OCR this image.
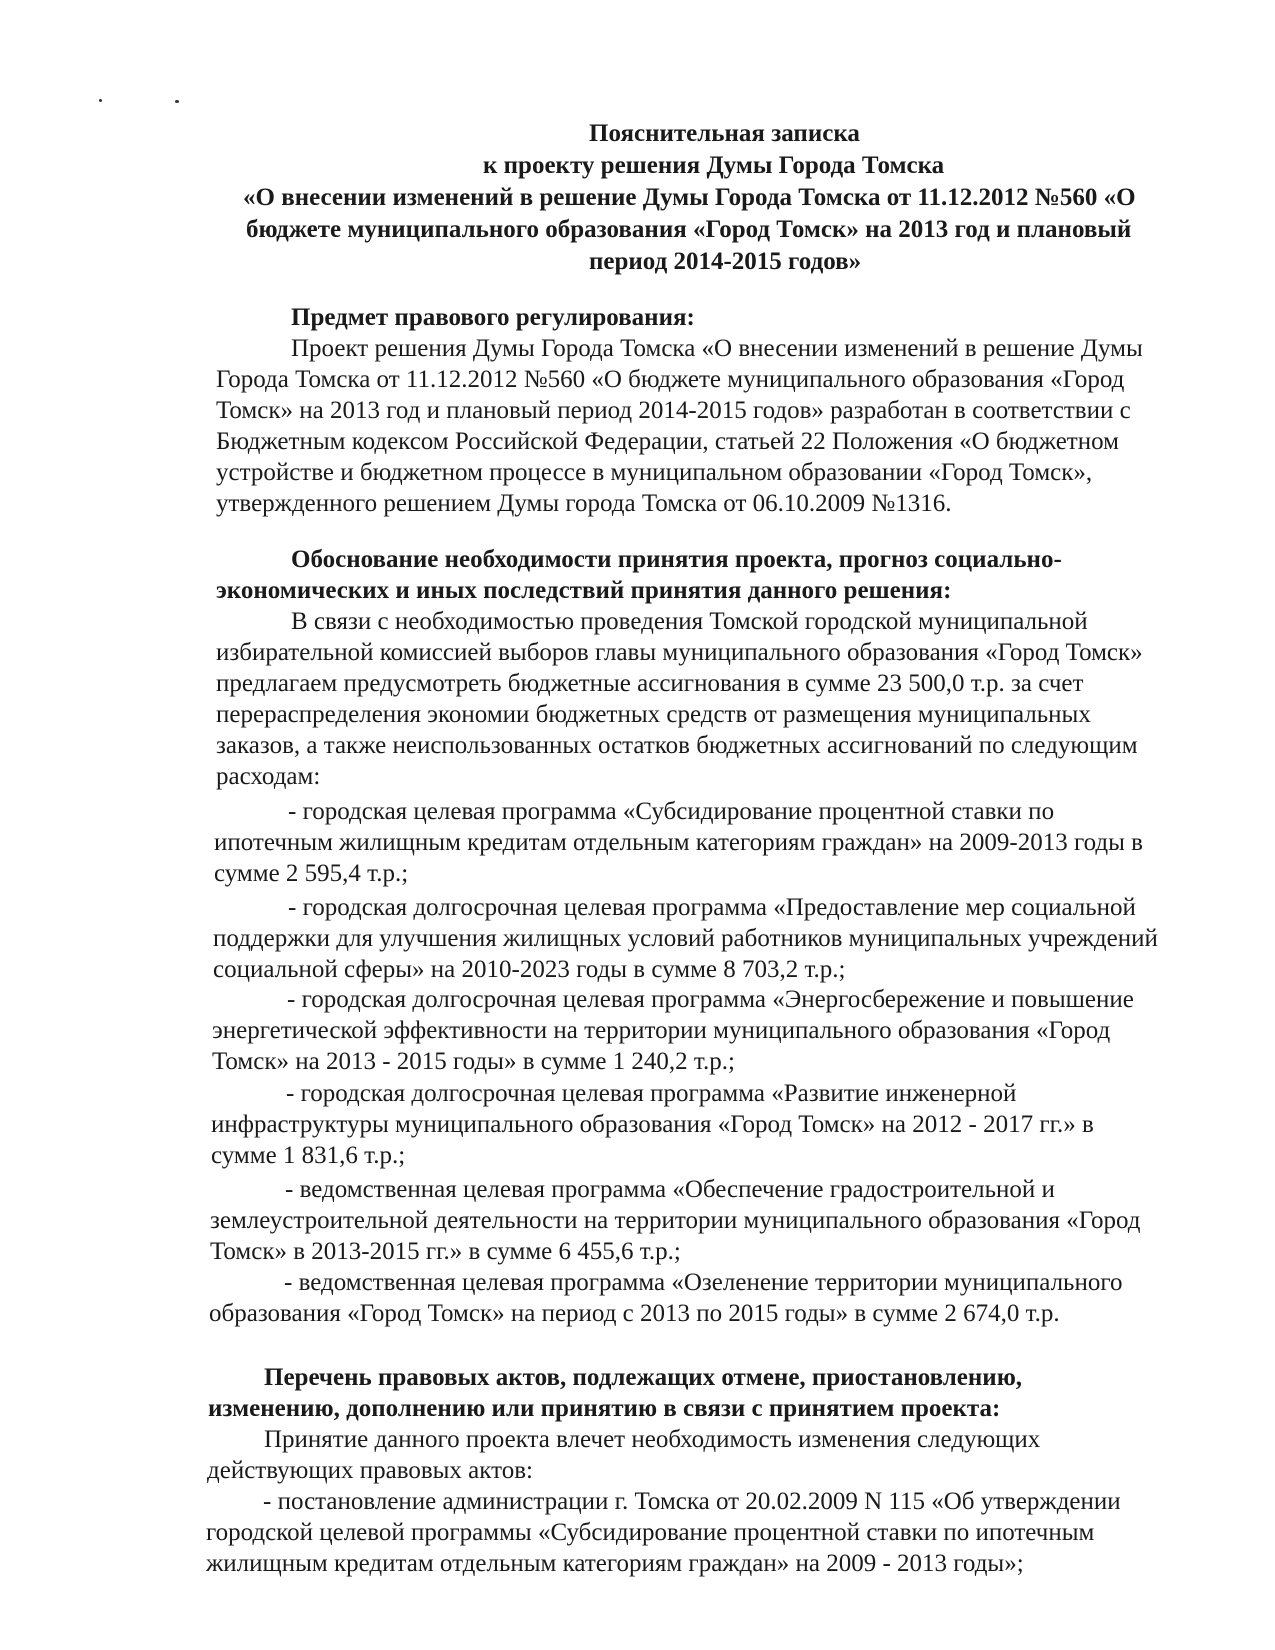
Пояснительная записка
к проекту решения Думы Города Томска
«О внесении изменений в решение Думы Города Томска от 11.12.2012 №560 «О
бюджете муниципального образования «Город Томск» на 2013 год и плановый
период 2014-2015 годов»
Предмет правового регулирования:
Проект решения Думы Города Томска «О внесении изменений в решение Думы
Города Томска от 11.12.2012 №560 «О бюджете муниципального образования «Город
Томск» на 2013 год и плановый период 2014-2015 годов» разработан в соответствии с
Бюджетным кодексом Российской Федерации, статьей 22 Положения «О бюджетном
устройстве и бюджетном процессе в муниципальном образовании «Город Томск»,
утвержденного решением Думы города Томска от 06.10.2009 №1316.
Обоснование необходимости принятия проекта, прогноз социально-
экономических и иных последствий принятия данного решения:
В связи с необходимостью проведения Томской городской муниципальной
избирательной комиссией выборов главы муниципального образования «Город Томск»
предлагаем предусмотреть бюджетные ассигнования в сумме 23 500,0 т.р. за счет
перераспределения экономии бюджетных средств от размещения муниципальных
заказов, а также неиспользованных остатков бюджетных ассигнований по следующим
расходам:
- городская целевая программа «Субсидирование процентной ставки по
ипотечным жилищным кредитам отдельным категориям граждан» на 2009-2013 годы в
сумме 2 595,4 т.р.;
- городская долгосрочная целевая программа «Предоставление мер социальной
поддержки для улучшения жилищных условий работников муниципальных учреждений
социальной сферы» на 2010-2023 годы в сумме 8 703,2 т.р.;
- городская долгосрочная целевая программа «Энергосбережение и повышение
энергетической эффективности на территории муниципального образования «Город
Томск» на 2013 - 2015 годы» в сумме 1 240,2 т.р.;
- городская долгосрочная целевая программа «Развитие инженерной
инфраструктуры муниципального образования «Город Томск» на 2012 - 2017 гг.» в
сумме 1 831,6 т.р.;
- ведомственная целевая программа «Обеспечение градостроительной и
землеустроительной деятельности на территории муниципального образования «Город
Томск» в 2013-2015 гг.» в сумме 6 455,6 т.р.;
- ведомственная целевая программа «Озеленение территории муниципального
образования «Город Томск» на период с 2013 по 2015 годы» в сумме 2 674,0 т.р.
Перечень правовых актов, подлежащих отмене, приостановлению,
изменению, дополнению или принятию в связи с принятием проекта:
Принятие данного проекта влечет необходимость изменения следующих
действующих правовых актов:
- постановление администрации г. Томска от 20.02.2009 N 115 «Об утверждении
городской целевой программы «Субсидирование процентной ставки по ипотечным
жилищным кредитам отдельным категориям граждан» на 2009 - 2013 годы»;
